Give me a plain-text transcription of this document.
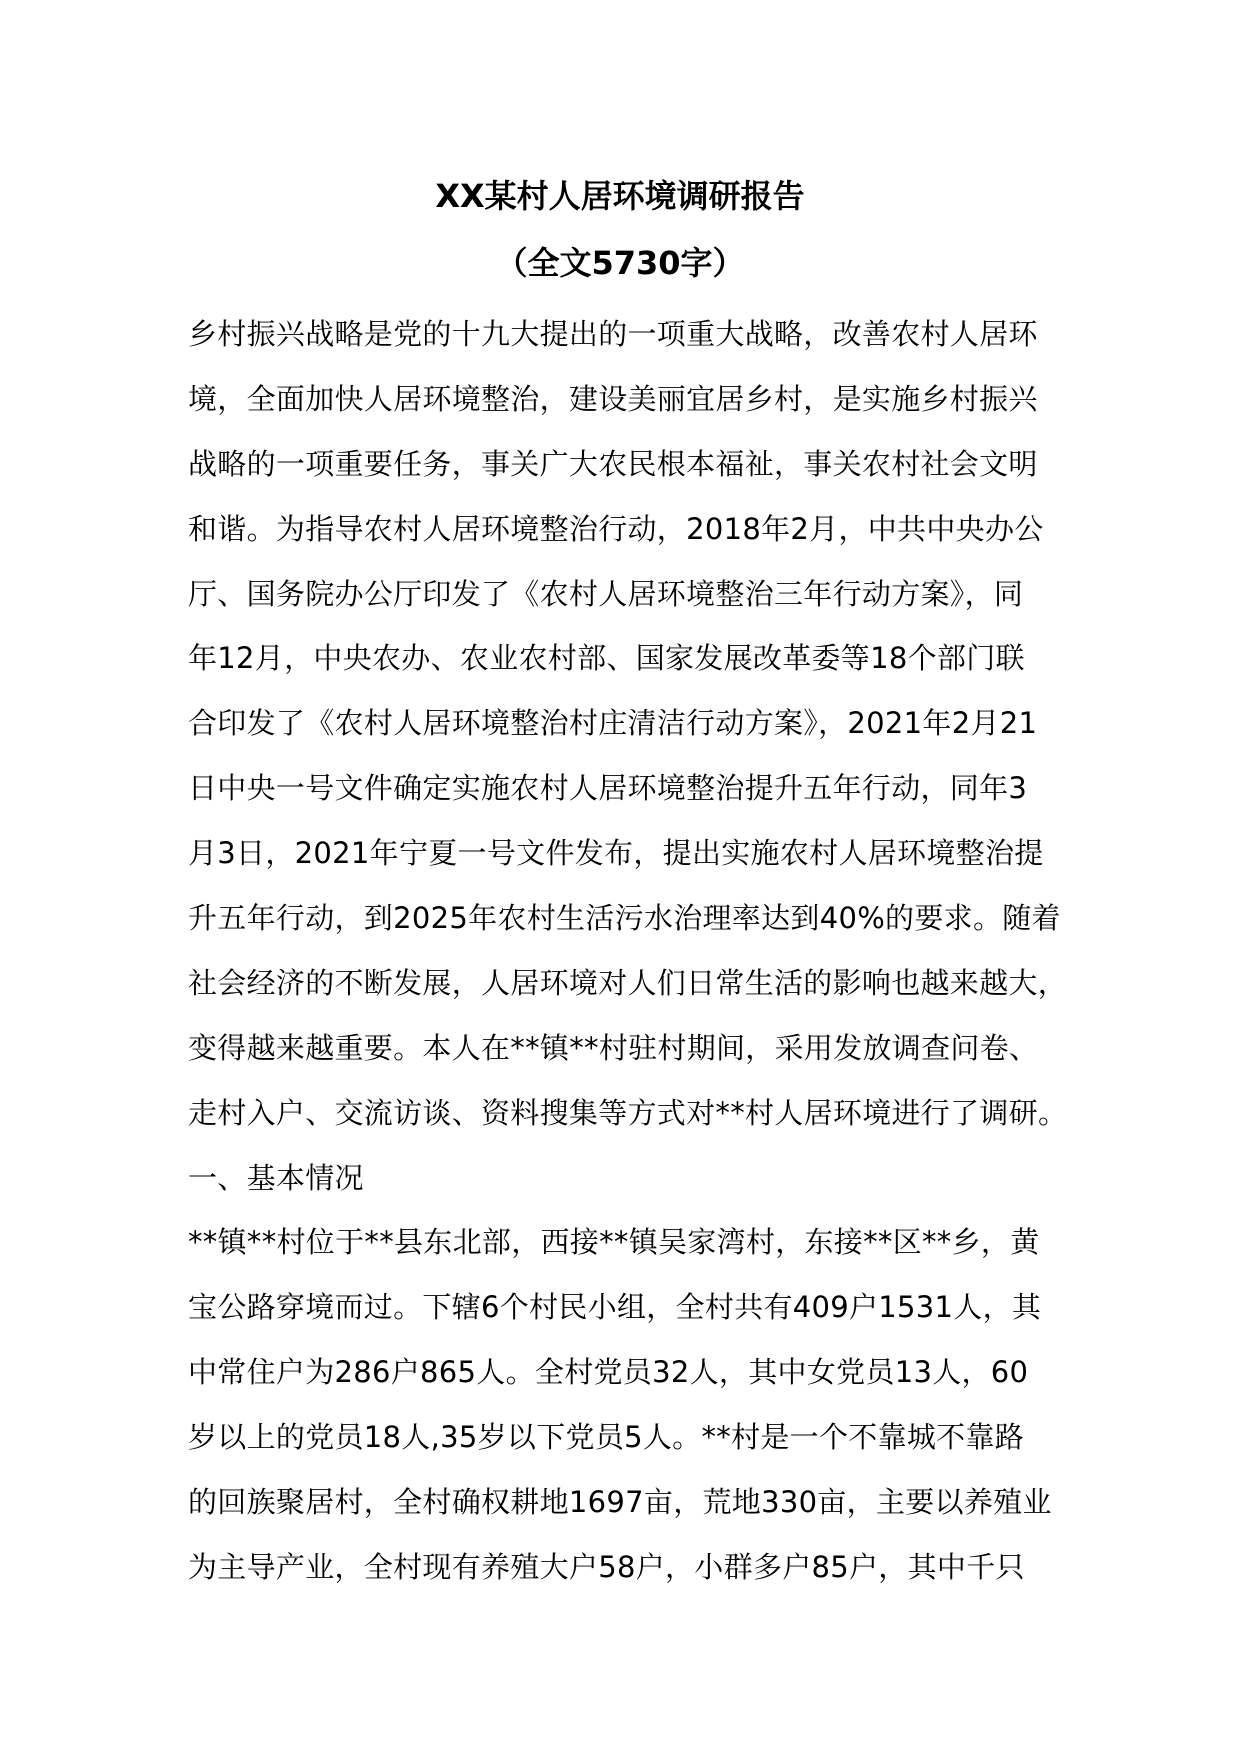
XX某村人居环境调研报告
（全文5730字）
乡村振兴战略是党的十九大提出的一项重大战略，改善农村人居环
境，全面加快人居环境整治，建设美丽宜居乡村，是实施乡村振兴
战略的一项重要任务，事关广大农民根本福祉，事关农村社会文明
和谐。为指导农村人居环境整治行动，2018年2月，中共中央办公
厅、国务院办公厅印发了《农村人居环境整治三年行动方案》，同
年12月，中央农办、农业农村部、国家发展改革委等18个部门联
合印发了《农村人居环境整治村庄清洁行动方案》，2021年2月21
日中央一号文件确定实施农村人居环境整治提升五年行动，同年3
月3日，2021年宁夏一号文件发布，提出实施农村人居环境整治提
升五年行动，到2025年农村生活污水治理率达到40%的要求。随着
社会经济的不断发展，人居环境对人们日常生活的影响也越来越大，
变得越来越重要。本人在**镇**村驻村期间，采用发放调查问卷、
走村入户、交流访谈、资料搜集等方式对**村人居环境进行了调研。
一、基本情况
**镇**村位于**县东北部，西接**镇吴家湾村，东接**区**乡，黄
宝公路穿境而过。下辖6个村民小组，全村共有409户1531人，其
中常住户为286户865人。全村党员32人，其中女党员13人，60
岁以上的党员18人,35岁以下党员5人。**村是一个不靠城不靠路
的回族聚居村，全村确权耕地1697亩，荒地330亩，主要以养殖业
为主导产业，全村现有养殖大户58户，小群多户85户，其中千只
